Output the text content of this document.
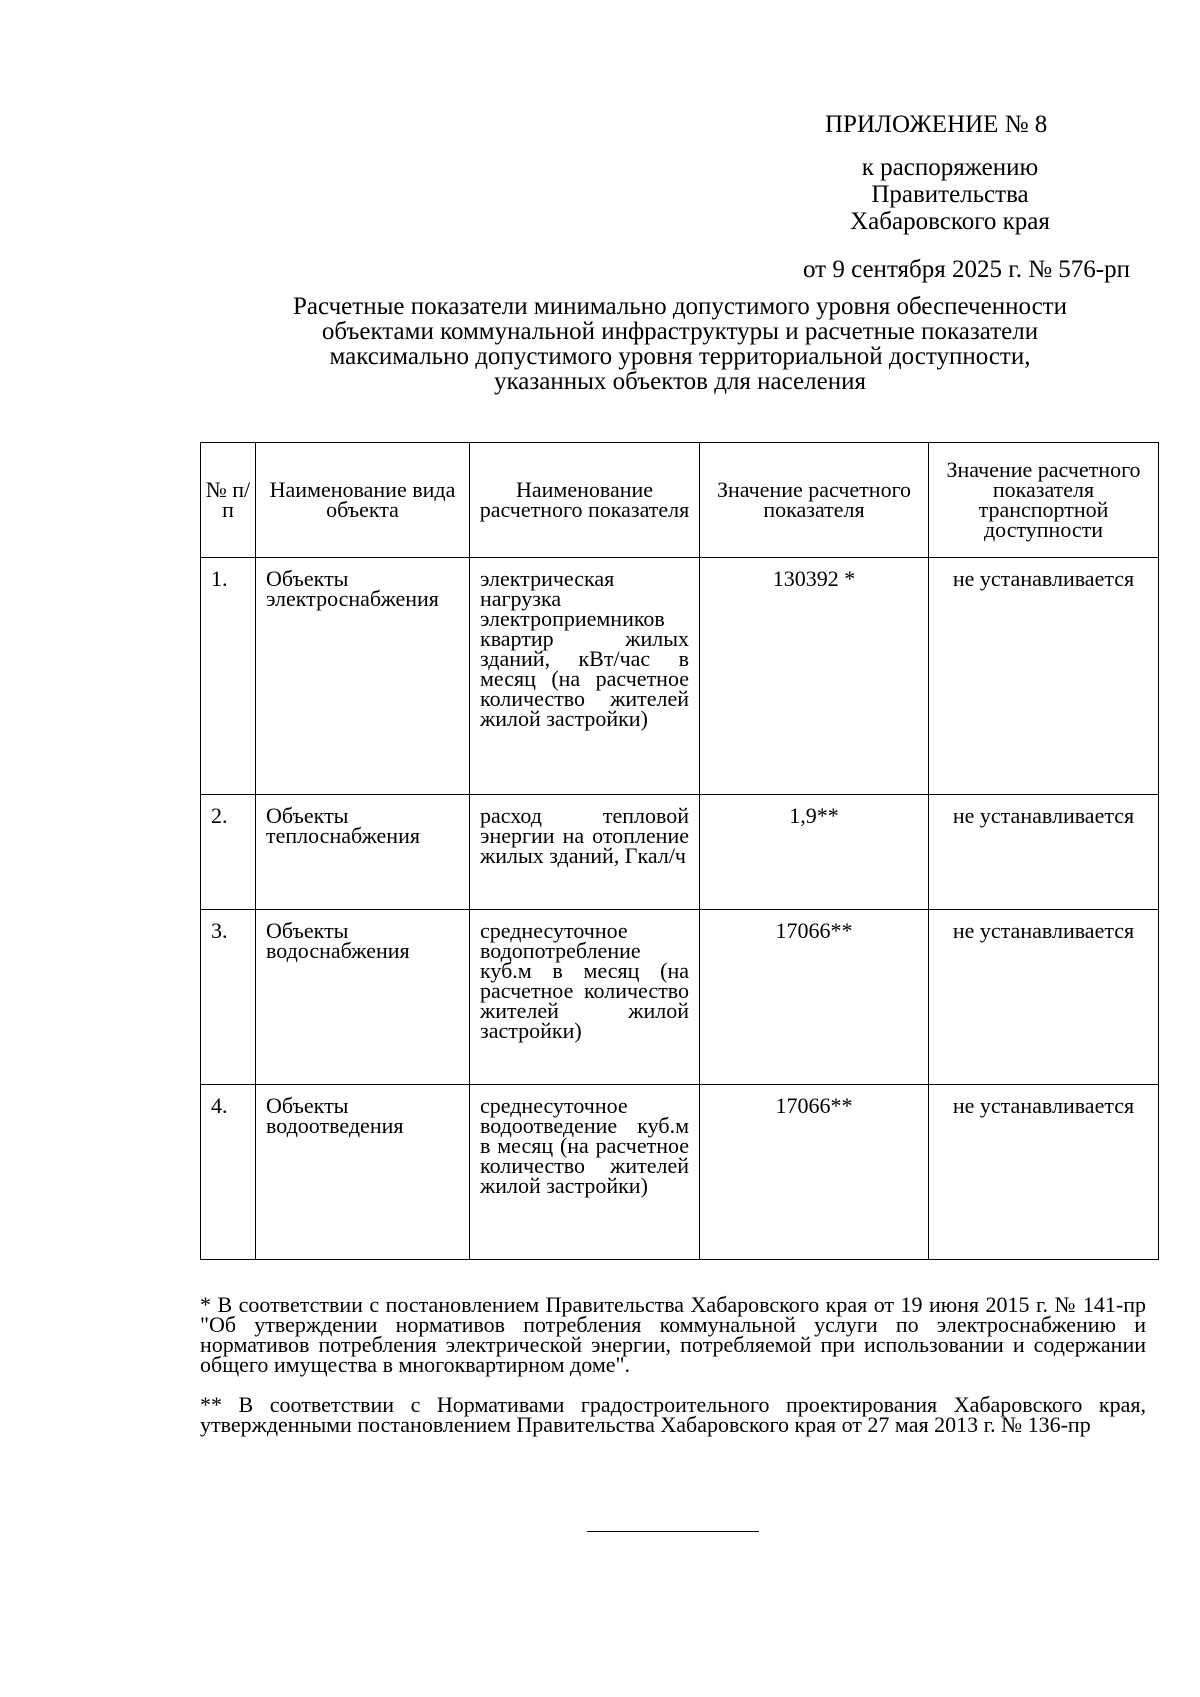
ПРИЛОЖЕНИЕ № 8
к распоряжению
Правительства
Хабаровского края
от 9 сентября 2025 г. № 576-рп
Расчетные показатели минимально допустимого уровня обеспеченности
объектами коммунальной инфраструктуры и расчетные показатели
максимально допустимого уровня территориальной доступности,
указанных объектов для населения
№ п/п	Наименование вида объекта	Наименование расчетного показателя	Значение расчетного показателя	Значение расчетного показателя транспортной доступности
1.	Объекты электроснабжения	электрическая нагрузка электроприемников квартир жилых зданий, кВт/час в месяц (на расчетное количество жителей жилой застройки)	130392 *	не устанавливается
2.	Объекты теплоснабжения	расход тепловой энергии на отопление жилых зданий, Гкал/ч	1,9**	не устанавливается
3.	Объекты водоснабжения	среднесуточное водопотребление куб.м в месяц (на расчетное количество жителей жилой застройки)	17066**	не устанавливается
4.	Объекты водоотведения	среднесуточное водоотведение куб.м в месяц (на расчетное количество жителей жилой застройки)	17066**	не устанавливается

* В соответствии с постановлением Правительства Хабаровского края от 19 июня 2015 г. № 141-пр "Об утверждении нормативов потребления коммунальной услуги по электроснабжению и нормативов потребления электрической энергии, потребляемой при использовании и содержании общего имущества в многоквартирном доме".

** В соответствии с Нормативами градостроительного проектирования Хабаровского края, утвержденными постановлением Правительства Хабаровского края от 27 мая 2013 г. № 136-пр
